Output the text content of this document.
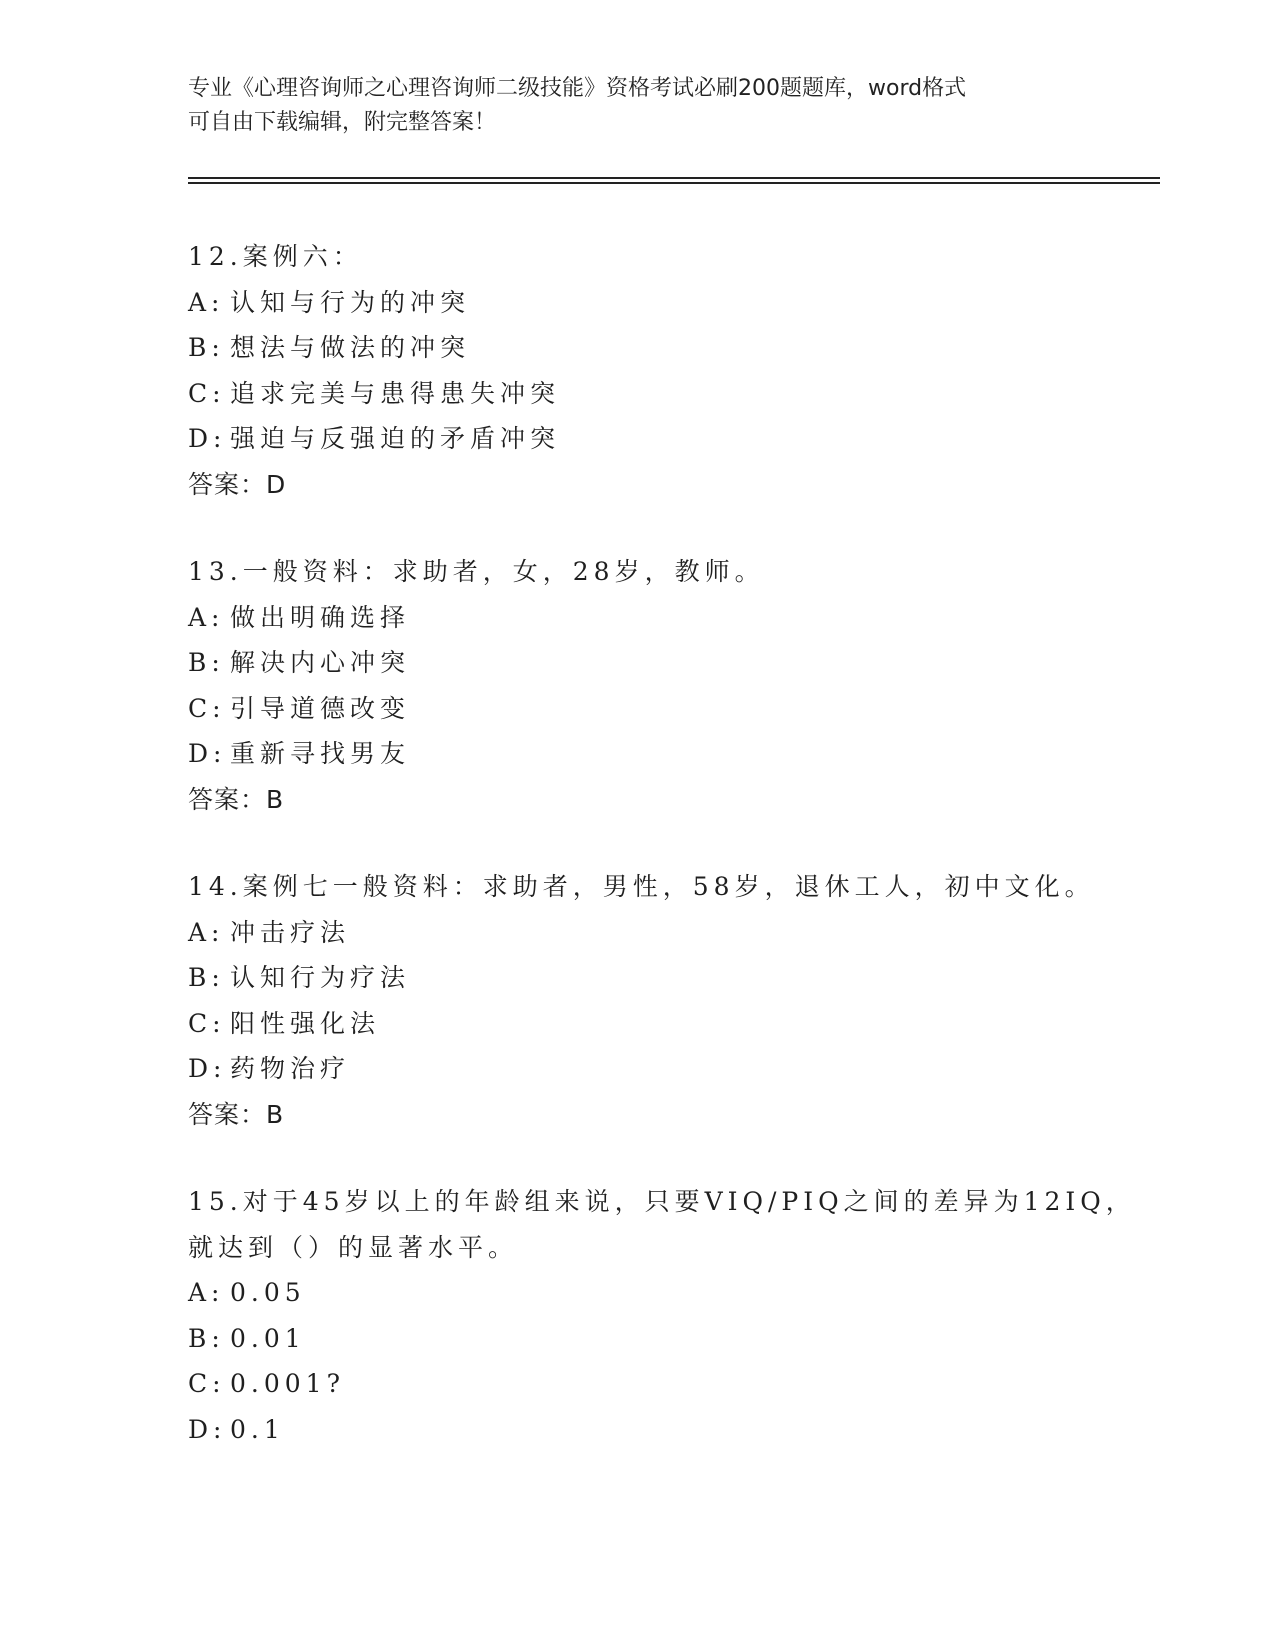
专业《心理咨询师之心理咨询师二级技能》资格考试必刷200题题库，word格式
可自由下载编辑，附完整答案！
12.案例六：
A: 认知与行为的冲突
B: 想法与做法的冲突
C: 追求完美与患得患失冲突
D: 强迫与反强迫的矛盾冲突
答案：D
13.一般资料：求助者，女，28岁，教师。
A: 做出明确选择
B: 解决内心冲突
C: 引导道德改变
D: 重新寻找男友
答案：B
14.案例七一般资料：求助者，男性，58岁，退休工人，初中文化。
A: 冲击疗法
B: 认知行为疗法
C: 阳性强化法
D: 药物治疗
答案：B
15.对于45岁以上的年龄组来说，只要VIQ/PIQ之间的差异为12IQ，就达到（）的显著水平。
A: 0.05
B: 0.01
C: 0.001?
D: 0.1
